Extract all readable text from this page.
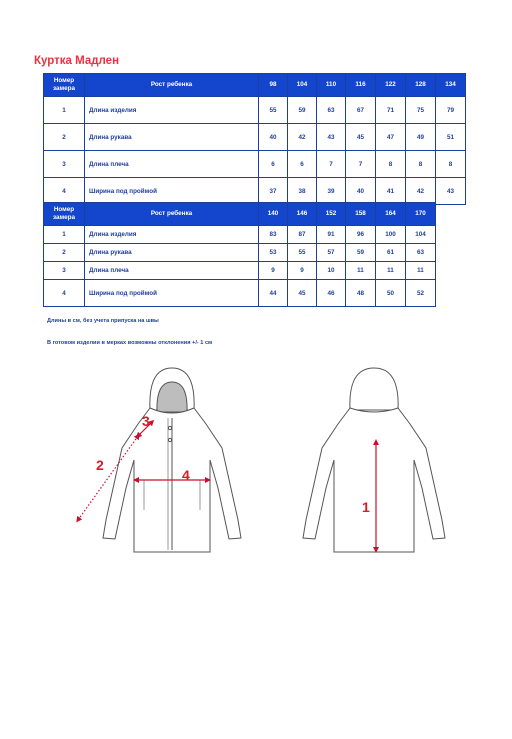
Куртка Мадлен
Номер
замера	Рост ребенка	98	104	110	116	122	128	134
1	Длина изделия	55	59	63	67	71	75	79
2	Длина рукава	40	42	43	45	47	49	51
3	Длина плеча	6	6	7	7	8	8	8
4	Ширина под проймой	37	38	39	40	41	42	43
Номер
замера	Рост ребенка	140	146	152	158	164	170
1	Длина изделия	83	87	91	96	100	104
2	Длина рукава	53	55	57	59	61	63
3	Длина плеча	9	9	10	11	11	11
4	Ширина под проймой	44	45	46	48	50	52
Длины в см, без учета припуска на швы
В готовом изделии в мерках возможны отклонения +/- 1 см
1
2
3
4
